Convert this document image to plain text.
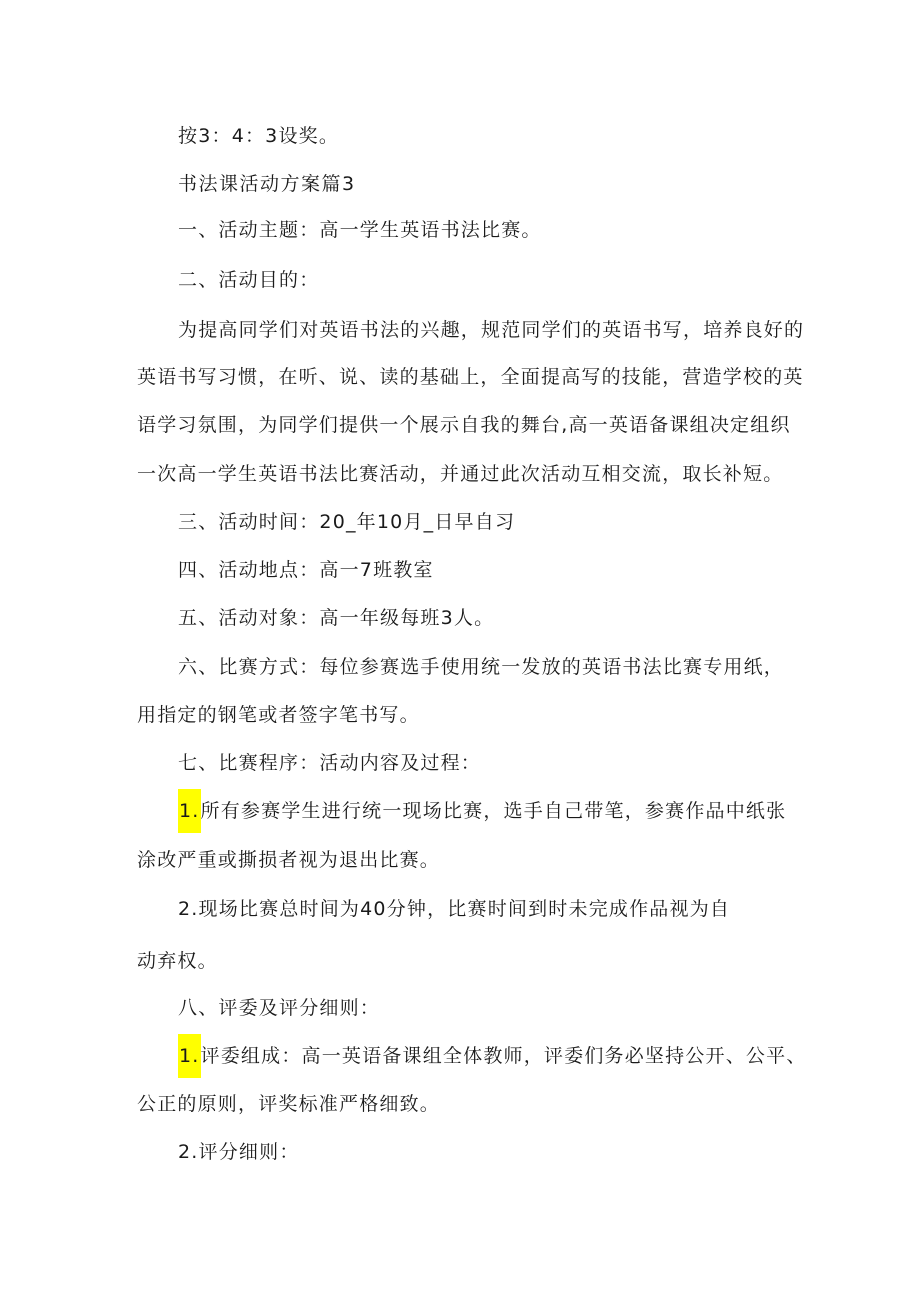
按3：4：3设奖。
书法课活动方案篇3
一、活动主题：高一学生英语书法比赛。
二、活动目的：
为提高同学们对英语书法的兴趣，规范同学们的英语书写，培养良好的
英语书写习惯，在听、说、读的基础上，全面提高写的技能，营造学校的英
语学习氛围，为同学们提供一个展示自我的舞台,高一英语备课组决定组织
一次高一学生英语书法比赛活动，并通过此次活动互相交流，取长补短。
三、活动时间：20_年10月_日早自习
四、活动地点：高一7班教室
五、活动对象：高一年级每班3人。
六、比赛方式：每位参赛选手使用统一发放的英语书法比赛专用纸，
用指定的钢笔或者签字笔书写。
七、比赛程序：活动内容及过程：
1.所有参赛学生进行统一现场比赛，选手自己带笔，参赛作品中纸张
涂改严重或撕损者视为退出比赛。
2.现场比赛总时间为40分钟，比赛时间到时未完成作品视为自
动弃权。
八、评委及评分细则：
1.评委组成：高一英语备课组全体教师，评委们务必坚持公开、公平、
公正的原则，评奖标准严格细致。
2.评分细则：
